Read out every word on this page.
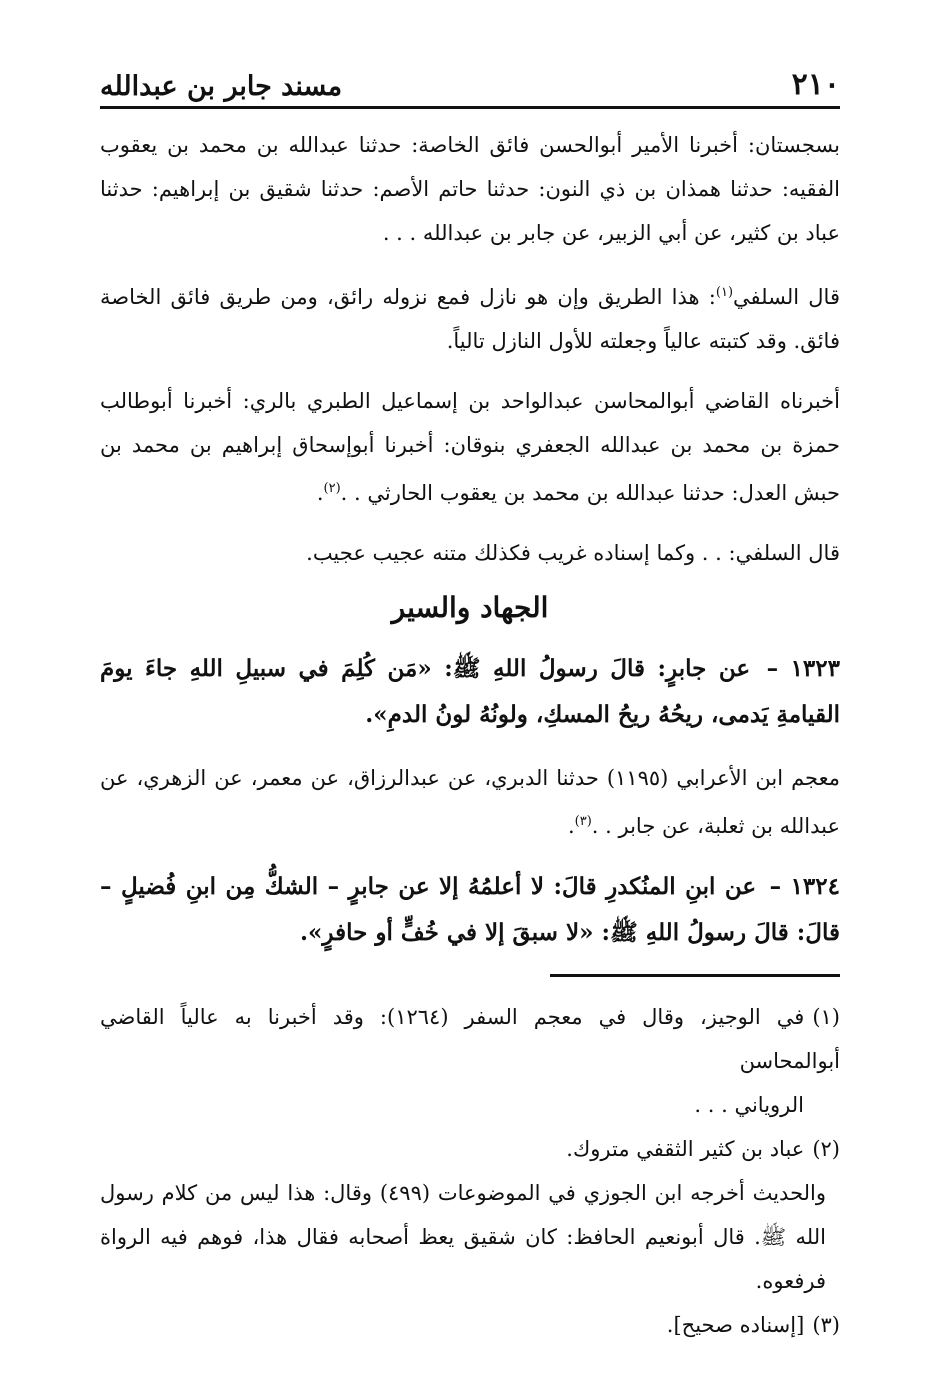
٢١٠
مسند جابر بن عبدالله

بسجستان: أخبرنا الأمير أبوالحسن فائق الخاصة: حدثنا عبدالله بن محمد بن يعقوب الفقيه: حدثنا همذان بن ذي النون: حدثنا حاتم الأصم: حدثنا شقيق بن إبراهيم: حدثنا عباد بن كثير، عن أبي الزبير، عن جابر بن عبدالله . . .

قال السلفي$^{(١)}$: هذا الطريق وإن هو نازل فمع نزوله رائق، ومن طريق فائق الخاصة فائق. وقد كتبته عالياً وجعلته للأول النازل تالياً.

أخبرناه القاضي أبوالمحاسن عبدالواحد بن إسماعيل الطبري بالري: أخبرنا أبوطالب حمزة بن محمد بن عبدالله الجعفري بنوقان: أخبرنا أبوإسحاق إبراهيم بن محمد بن حبش العدل: حدثنا عبدالله بن محمد بن يعقوب الحارثي . .$^{(٢)}$.

قال السلفي: . . وكما إسناده غريب فكذلك متنه عجيب عجيب.

الجهاد والسير

١٣٢٣ – عن جابرٍ: قالَ رسولُ اللهِ ﷺ: «مَن كُلِمَ في سبيلِ اللهِ جاءَ يومَ القيامةِ يَدمى، ريحُهُ ريحُ المسكِ، ولونُهُ لونُ الدمِ».

معجم ابن الأعرابي (١١٩٥) حدثنا الدبري، عن عبدالرزاق، عن معمر، عن الزهري، عن عبدالله بن ثعلبة، عن جابر . .$^{(٣)}$.

١٣٢٤ – عن ابنِ المنُكدرِ قالَ: لا أعلمُهُ إلا عن جابرٍ – الشكُّ مِن ابنِ فُضيلٍ – قالَ: قالَ رسولُ اللهِ ﷺ: «لا سبقَ إلا في خُفٍّ أو حافرٍ».

(١)في الوجيز، وقال في معجم السفر (١٢٦٤): وقد أخبرنا به عالياً القاضي أبوالمحاسن

الروياني . . .

(٢)عباد بن كثير الثقفي متروك.

والحديث أخرجه ابن الجوزي في الموضوعات (٤٩٩) وقال: هذا ليس من كلام رسول الله ﷺ. قال أبونعيم الحافظ: كان شقيق يعظ أصحابه فقال هذا، فوهم فيه الرواة فرفعوه.

(٣)[إسناده صحيح].
